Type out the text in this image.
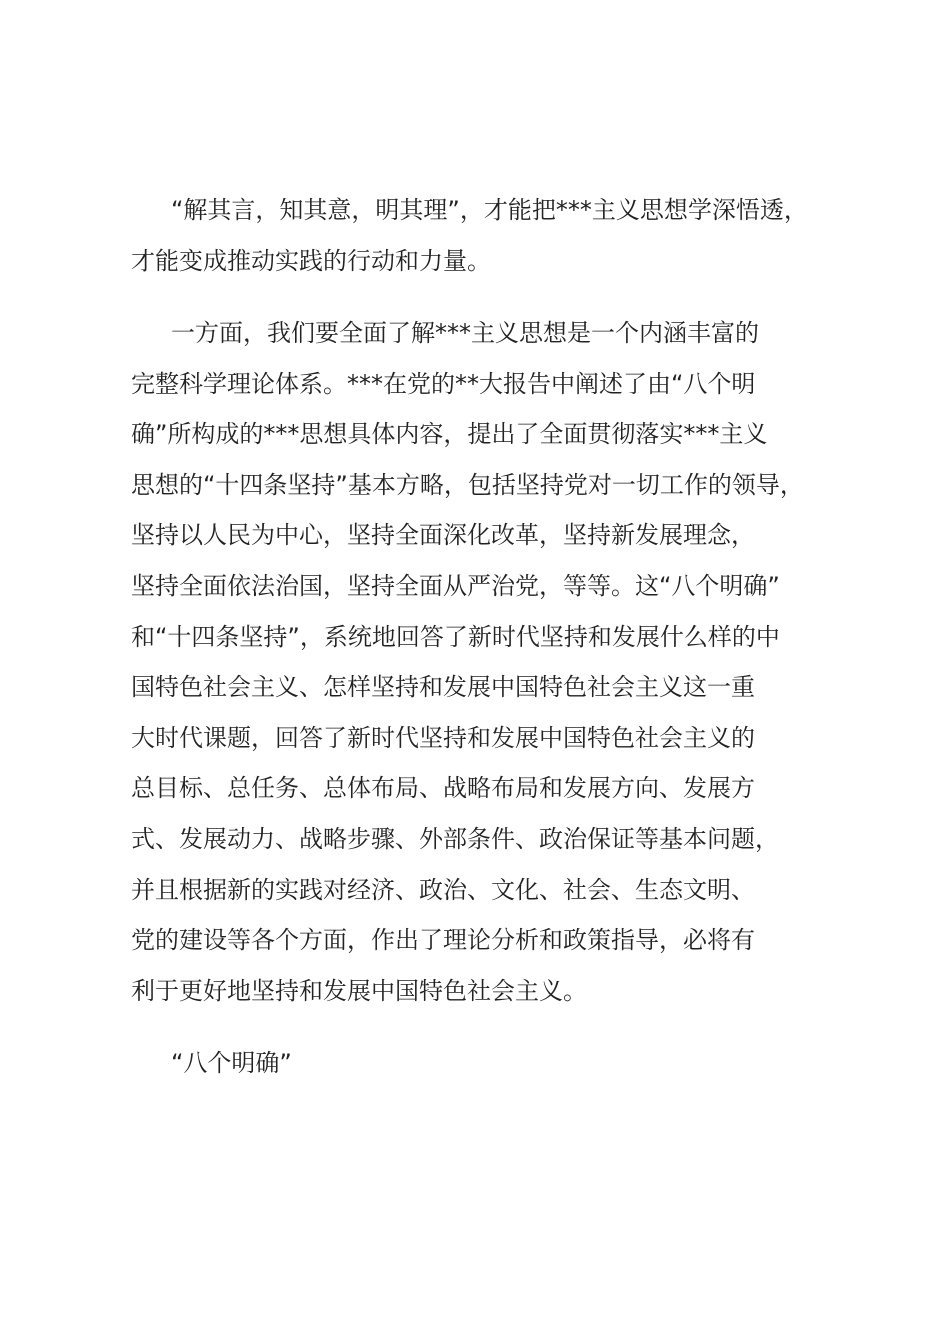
“解其言，知其意，明其理”，才能把***主义思想学深悟透，
才能变成推动实践的行动和力量。

一方面，我们要全面了解***主义思想是一个内涵丰富的
完整科学理论体系。***在党的**大报告中阐述了由“八个明
确”所构成的***思想具体内容，提出了全面贯彻落实***主义
思想的“十四条坚持”基本方略，包括坚持党对一切工作的领导，
坚持以人民为中心，坚持全面深化改革，坚持新发展理念，
坚持全面依法治国，坚持全面从严治党，等等。这“八个明确”
和“十四条坚持”，系统地回答了新时代坚持和发展什么样的中
国特色社会主义、怎样坚持和发展中国特色社会主义这一重
大时代课题，回答了新时代坚持和发展中国特色社会主义的
总目标、总任务、总体布局、战略布局和发展方向、发展方
式、发展动力、战略步骤、外部条件、政治保证等基本问题，
并且根据新的实践对经济、政治、文化、社会、生态文明、
党的建设等各个方面，作出了理论分析和政策指导，必将有
利于更好地坚持和发展中国特色社会主义。

“八个明确”
